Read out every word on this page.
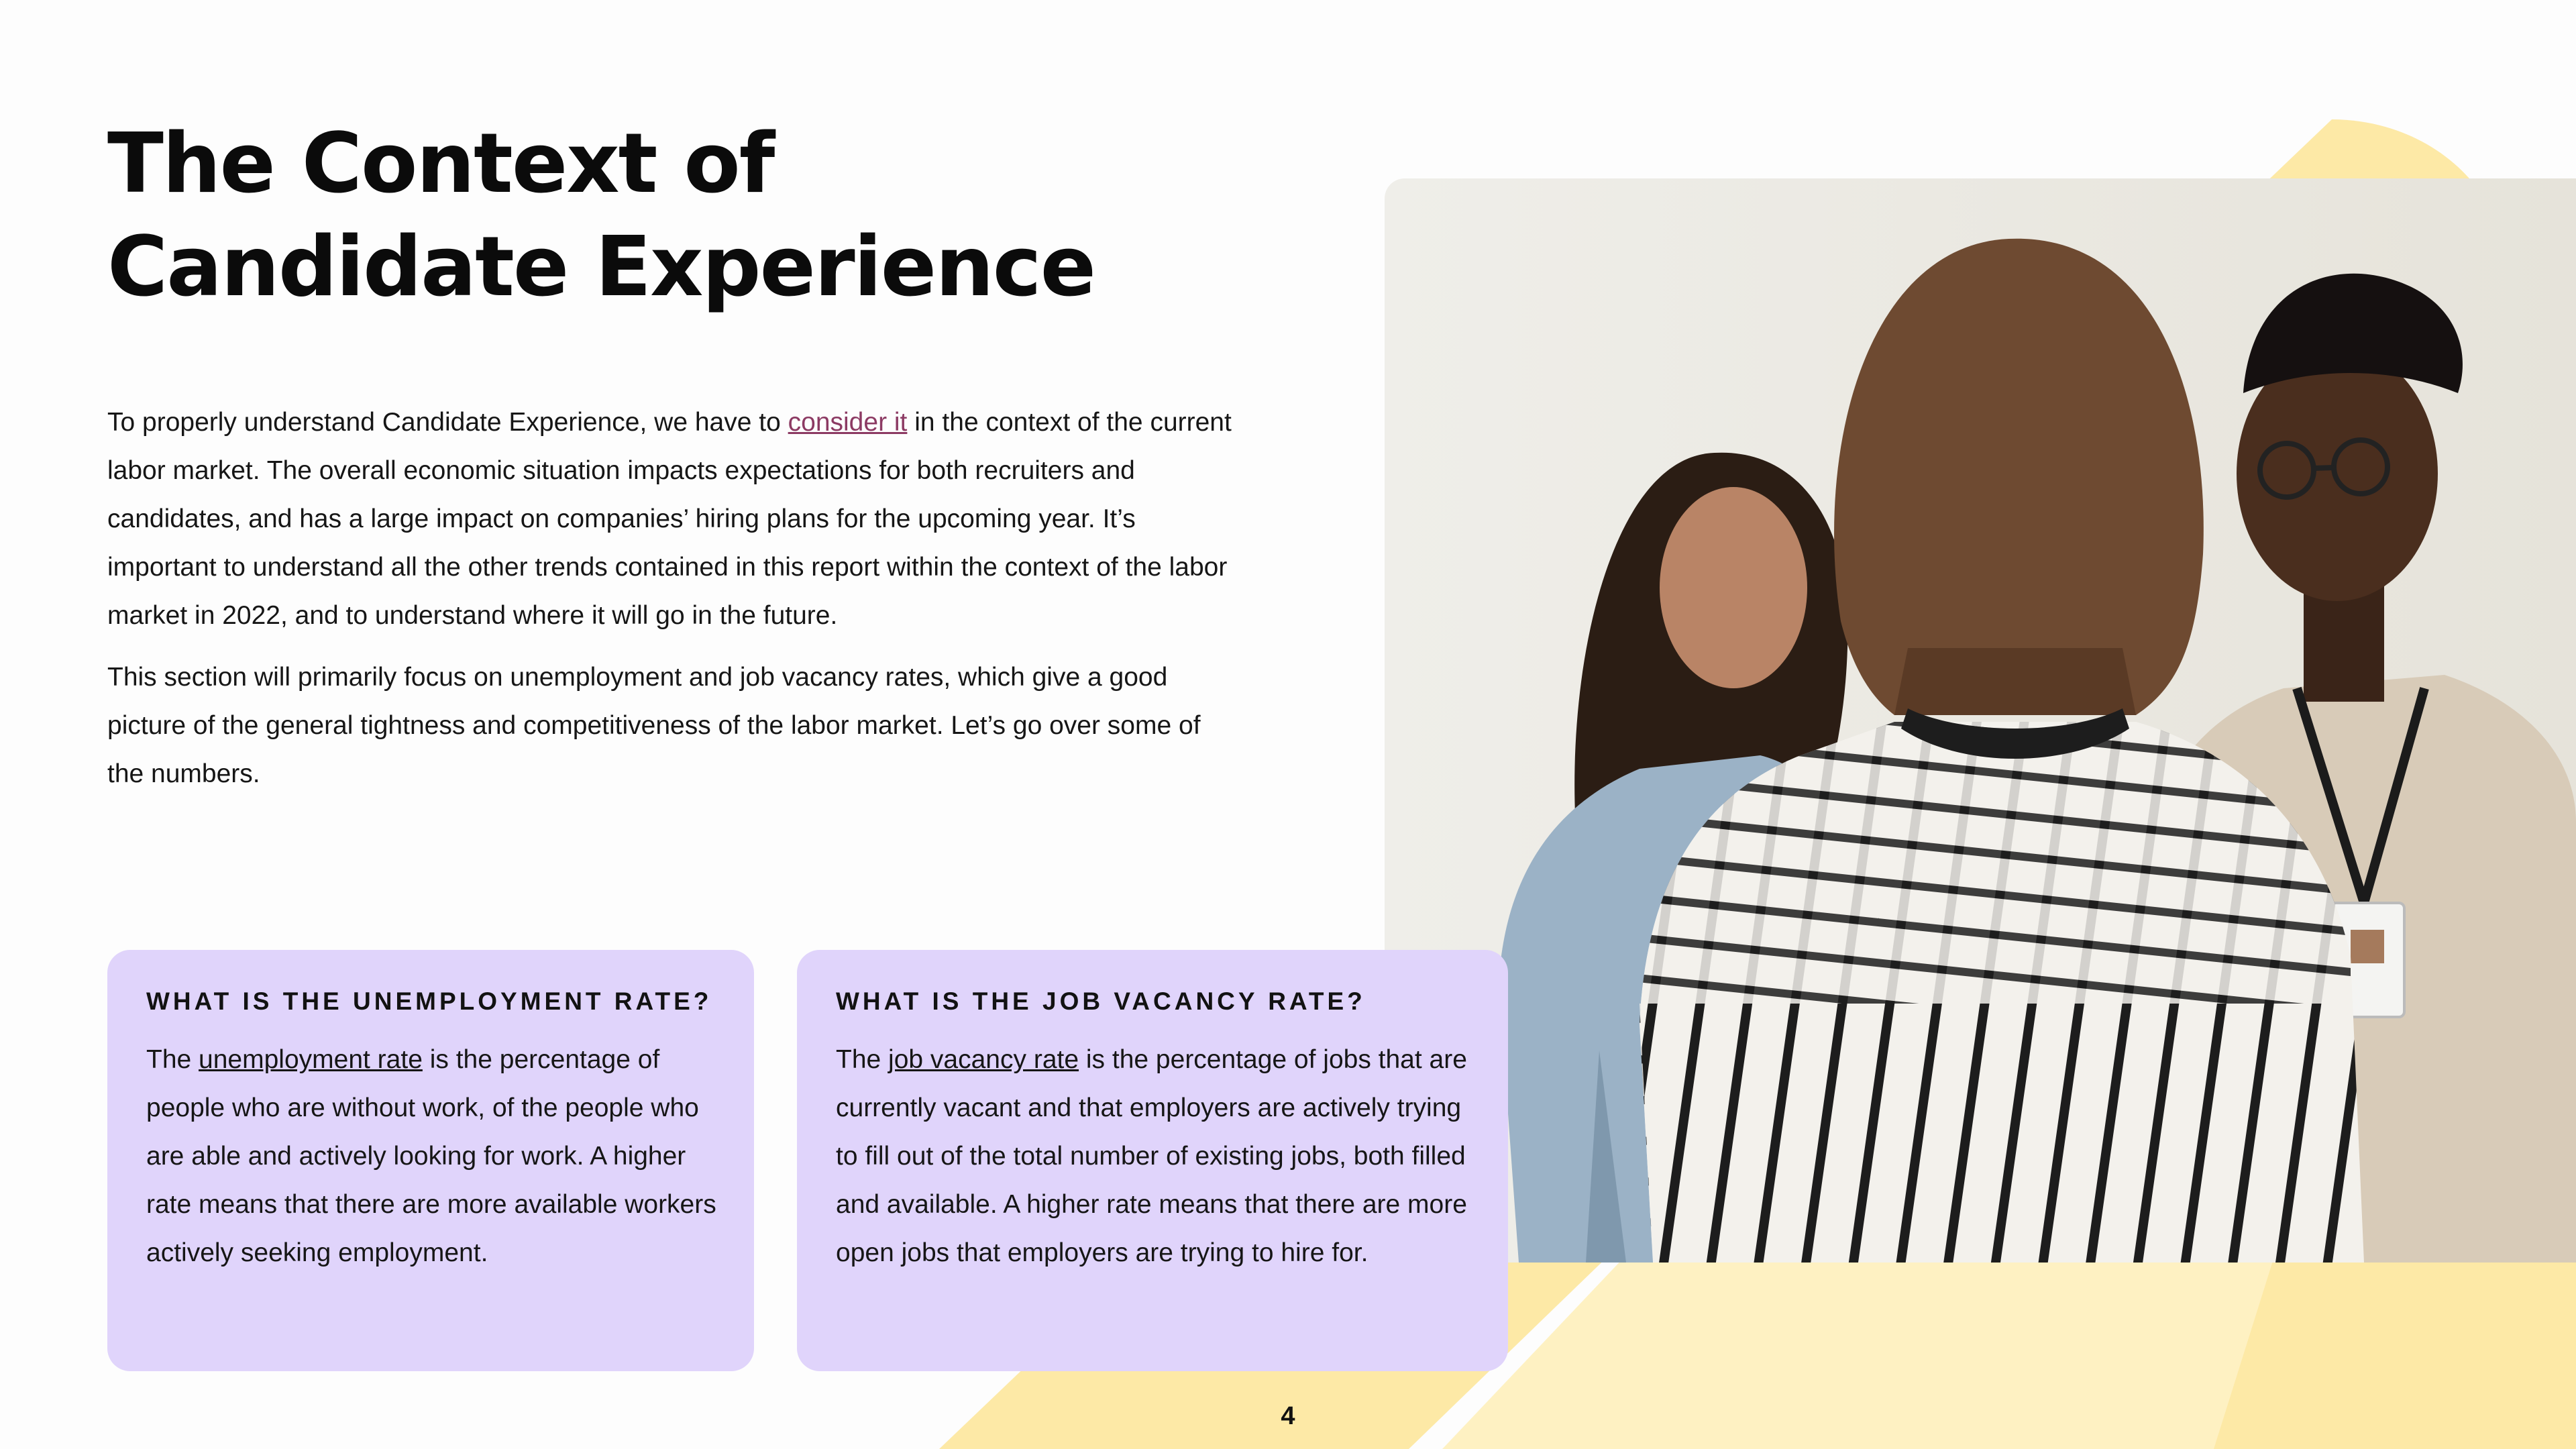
The Context of Candidate Experience

To properly understand Candidate Experience, we have to consider it in the context of the current labor market. The overall economic situation impacts expectations for both recruiters and candidates, and has a large impact on companies’ hiring plans for the upcoming year. It’s important to understand all the other trends contained in this report within the context of the labor market in 2022, and to understand where it will go in the future.

This section will primarily focus on unemployment and job vacancy rates, which give a good picture of the general tightness and competitiveness of the labor market. Let’s go over some of the numbers.

WHAT IS THE UNEMPLOYMENT RATE?

The unemployment rate is the percentage of people who are without work, of the people who are able and actively looking for work. A higher rate means that there are more available workers actively seeking employment.

WHAT IS THE JOB VACANCY RATE?

The job vacancy rate is the percentage of jobs that are currently vacant and that employers are actively trying to fill out of the total number of existing jobs, both filled and available. A higher rate means that there are more open jobs that employers are trying to hire for.

4
